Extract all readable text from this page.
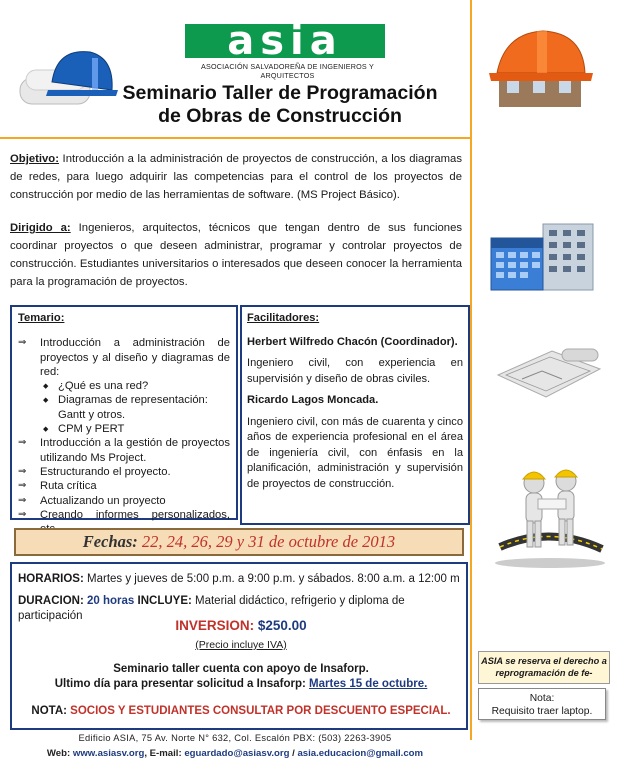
asia
ASOCIACIÓN SALVADOREÑA DE INGENIEROS Y ARQUITECTOS
Seminario Taller de Programación
de Obras de Construcción

Objetivo: Introducción a la administración de proyectos de construcción, a los diagramas de redes, para luego adquirir las competencias para el control de los proyectos de construcción por medio de las herramientas de software. (MS Project Básico).

Dirigido a: Ingenieros, arquitectos, técnicos que tengan dentro de sus funciones coordinar proyectos o que deseen administrar, programar y controlar proyectos de construcción. Estudiantes universitarios o interesados que deseen conocer la herramienta para la programación de proyectos.

Temario:
⇒ Introducción a administración de proyectos y al diseño y diagramas de red:
◆ ¿Qué es una red?
◆ Diagramas de representación: Gantt y otros.
◆ CPM y PERT
⇒ Introducción a la gestión de proyectos utilizando Ms Project.
⇒ Estructurando el proyecto.
⇒ Ruta crítica
⇒ Actualizando un proyecto
⇒ Creando informes personalizados,
Facilitadores:
Herbert Wilfredo Chacón (Coordinador).
Ingeniero civil, con experiencia en supervisión y diseño de obras civiles.
Ricardo Lagos Moncada.
Ingeniero civil, con más de cuarenta y cinco años de experiencia profesional en el área de ingeniería civil, con énfasis en la planificación, administración y supervisión de proyectos de construcción.
Fechas: 22, 24, 26, 29 y 31 de octubre de 2013
HORARIOS: Martes y jueves de 5:00 p.m. a 9:00 p.m. y sábados. 8:00 a.m. a 12:00 m
DURACION: 20 horas INCLUYE: Material didáctico, refrigerio y diploma de participación
INVERSION: $250.00
(Precio incluye IVA)
Seminario taller cuenta con apoyo de Insaforp.
Ultimo día para presentar solicitud a Insaforp: Martes 15 de octubre.
NOTA: SOCIOS Y ESTUDIANTES CONSULTAR POR DESCUENTO ESPECIAL.
ASIA se reserva el derecho a reprogramación de fe-
Nota:
Requisito traer laptop.
Edificio ASIA, 75 Av. Norte N° 632, Col. Escalón PBX: (503) 2263-3905
Web: www.asiasv.org, E-mail: eguardado@asiasv.org / asia.educacion@gmail.com
